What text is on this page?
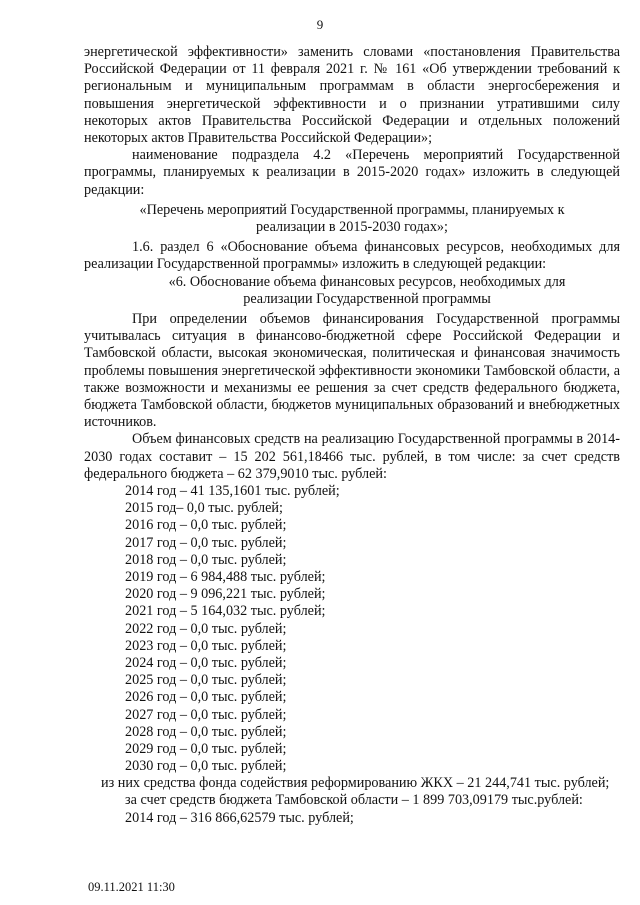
9

энергетической эффективности» заменить словами «постановления Правительства Российской Федерации от 11 февраля 2021 г. № 161 «Об утверждении требований к региональным и муниципальным программам в области энергосбережения и повышения энергетической эффективности и о признании утратившими силу некоторых актов Правительства Российской Федерации и отдельных положений некоторых актов Правительства Российской Федерации»;

наименование подраздела 4.2 «Перечень мероприятий Государственной программы, планируемых к реализации в 2015-2020 годах» изложить в следующей редакции:

«Перечень мероприятий Государственной программы, планируемых к реализации в 2015-2030 годах»;

1.6. раздел 6 «Обоснование объема финансовых ресурсов, необходимых для реализации Государственной программы» изложить в следующей редакции:

«6. Обоснование объема финансовых ресурсов, необходимых для реализации Государственной программы

При определении объемов финансирования Государственной программы учитывалась ситуация в финансово-бюджетной сфере Российской Федерации и Тамбовской области, высокая экономическая, политическая и финансовая значимость проблемы повышения энергетической эффективности экономики Тамбовской области, а также возможности и механизмы ее решения за счет средств федерального бюджета, бюджета Тамбовской области, бюджетов муниципальных образований и внебюджетных источников.

Объем финансовых средств на реализацию Государственной программы в 2014-2030 годах составит – 15 202 561,18466 тыс. рублей, в том числе: за счет средств федерального бюджета – 62 379,9010 тыс. рублей:

2014 год – 41 135,1601 тыс. рублей;
2015 год– 0,0 тыс. рублей;
2016 год – 0,0 тыс. рублей;
2017 год – 0,0 тыс. рублей;
2018 год – 0,0 тыс. рублей;
2019 год – 6 984,488 тыс. рублей;
2020 год – 9 096,221 тыс. рублей;
2021 год – 5 164,032 тыс. рублей;
2022 год – 0,0 тыс. рублей;
2023 год – 0,0 тыс. рублей;
2024 год – 0,0 тыс. рублей;
2025 год – 0,0 тыс. рублей;
2026 год – 0,0 тыс. рублей;
2027 год – 0,0 тыс. рублей;
2028 год – 0,0 тыс. рублей;
2029 год – 0,0 тыс. рублей;
2030 год – 0,0 тыс. рублей;

из них средства фонда содействия реформированию ЖКХ – 21 244,741 тыс. рублей;

за счет средств бюджета Тамбовской области – 1 899 703,09179 тыс.рублей:

2014 год – 316 866,62579 тыс. рублей;
09.11.2021 11:30
